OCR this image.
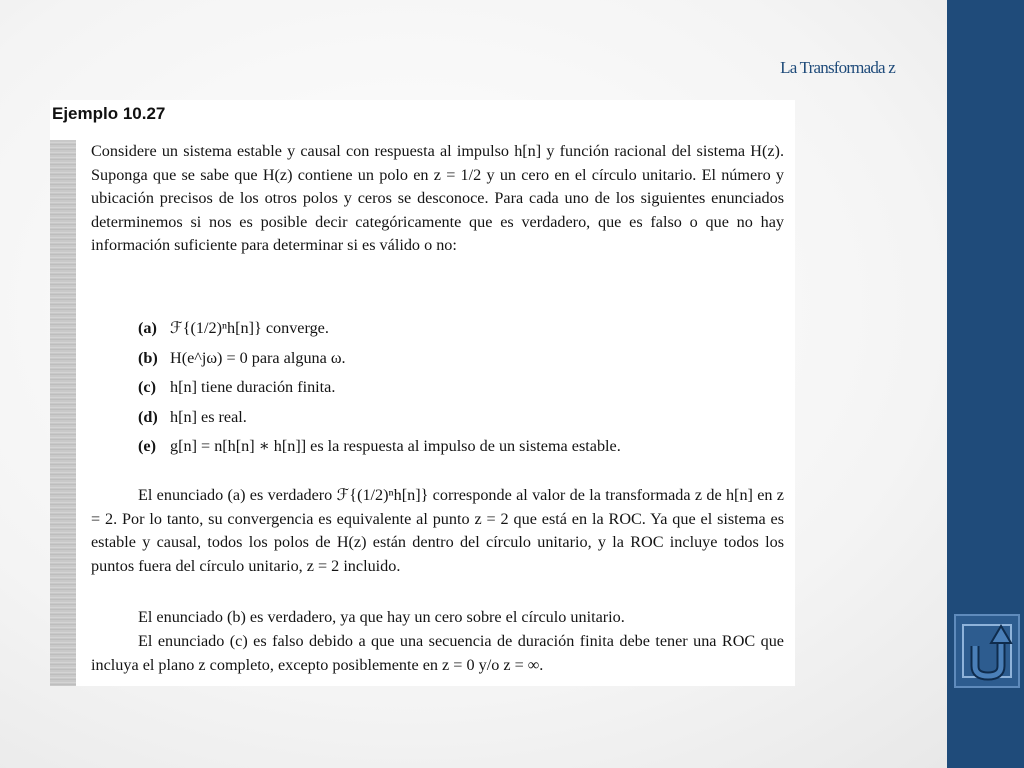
La Transformada z
Ejemplo 10.27

Considere un sistema estable y causal con respuesta al impulso h[n] y función racional del sistema H(z). Suponga que se sabe que H(z) contiene un polo en z = 1/2 y un cero en el círculo unitario. El número y ubicación precisos de los otros polos y ceros se desconoce. Para cada uno de los siguientes enunciados determinemos si nos es posible decir categóricamente que es verdadero, que es falso o que no hay información suficiente para determinar si es válido o no:

(a) ℱ{(1/2)ⁿh[n]} converge.
(b) H(e^jω) = 0 para alguna ω.
(c) h[n] tiene duración finita.
(d) h[n] es real.
(e) g[n] = n[h[n] ∗ h[n]] es la respuesta al impulso de un sistema estable.

El enunciado (a) es verdadero ℱ{(1/2)ⁿh[n]} corresponde al valor de la transformada z de h[n] en z = 2. Por lo tanto, su convergencia es equivalente al punto z = 2 que está en la ROC. Ya que el sistema es estable y causal, todos los polos de H(z) están dentro del círculo unitario, y la ROC incluye todos los puntos fuera del círculo unitario, z = 2 incluido.

El enunciado (b) es verdadero, ya que hay un cero sobre el círculo unitario.

El enunciado (c) es falso debido a que una secuencia de duración finita debe tener una ROC que incluya el plano z completo, excepto posiblemente en z = 0 y/o z = ∞.
